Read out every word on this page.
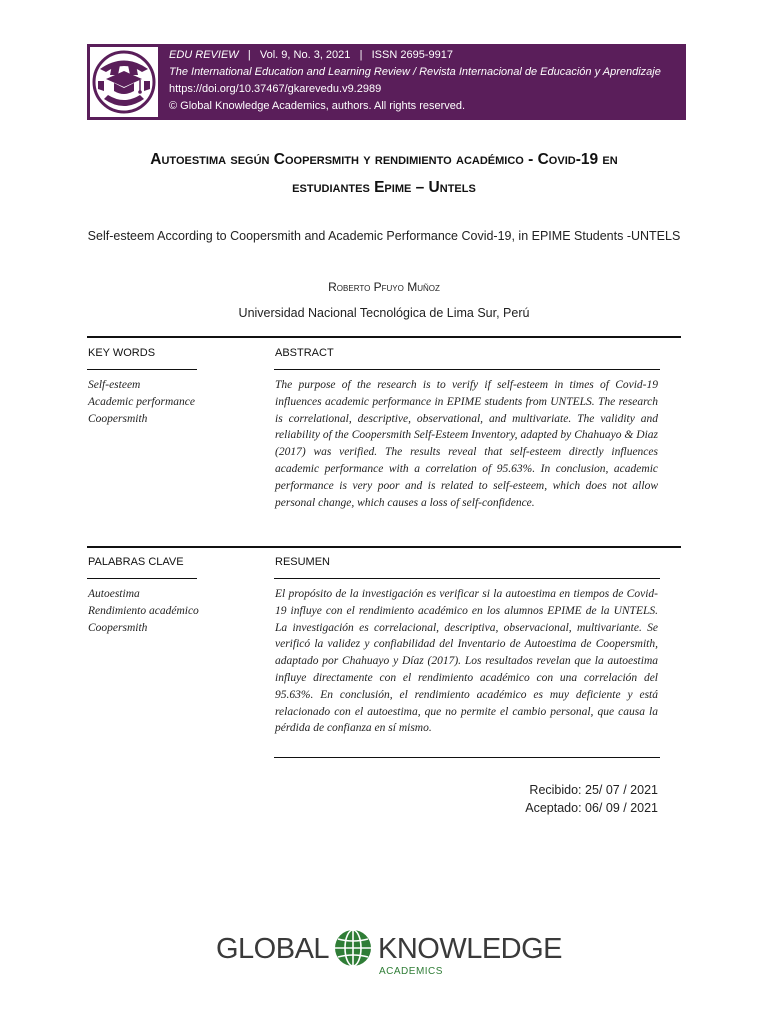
EDU REVIEW | Vol. 9, No. 3, 2021 | ISSN 2695-9917
The International Education and Learning Review / Revista Internacional de Educación y Aprendizaje
https://doi.org/10.37467/gkarevedu.v9.2989
© Global Knowledge Academics, authors. All rights reserved.
Autoestima según Coopersmith y rendimiento académico - Covid-19 en
estudiantes Epime – Untels
Self-esteem According to Coopersmith and Academic Performance Covid-19, in EPIME Students -UNTELS
Roberto Pfuyo Muñoz
Universidad Nacional Tecnológica de Lima Sur, Perú
KEY WORDS	ABSTRACT
Self-esteem
Academic performance
Coopersmith
The purpose of the research is to verify if self-esteem in times of Covid-19 influences academic performance in EPIME students from UNTELS. The research is correlational, descriptive, observational, and multivariate. The validity and reliability of the Coopersmith Self-Esteem Inventory, adapted by Chahuayo & Diaz (2017) was verified. The results reveal that self-esteem directly influences academic performance with a correlation of 95.63%. In conclusion, academic performance is very poor and is related to self-esteem, which does not allow personal change, which causes a loss of self-confidence.
PALABRAS CLAVE	RESUMEN
Autoestima
Rendimiento académico
Coopersmith
El propósito de la investigación es verificar si la autoestima en tiempos de Covid-19 influye con el rendimiento académico en los alumnos EPIME de la UNTELS. La investigación es correlacional, descriptiva, observacional, multivariante. Se verificó la validez y confiabilidad del Inventario de Autoestima de Coopersmith, adaptado por Chahuayo y Díaz (2017). Los resultados revelan que la autoestima influye directamente con el rendimiento académico con una correlación del 95.63%. En conclusión, el rendimiento académico es muy deficiente y está relacionado con el autoestima, que no permite el cambio personal, que causa la pérdida de confianza en sí mismo.
Recibido: 25/ 07 / 2021
Aceptado: 06/ 09 / 2021
GLOBAL KNOWLEDGE
ACADEMICS
